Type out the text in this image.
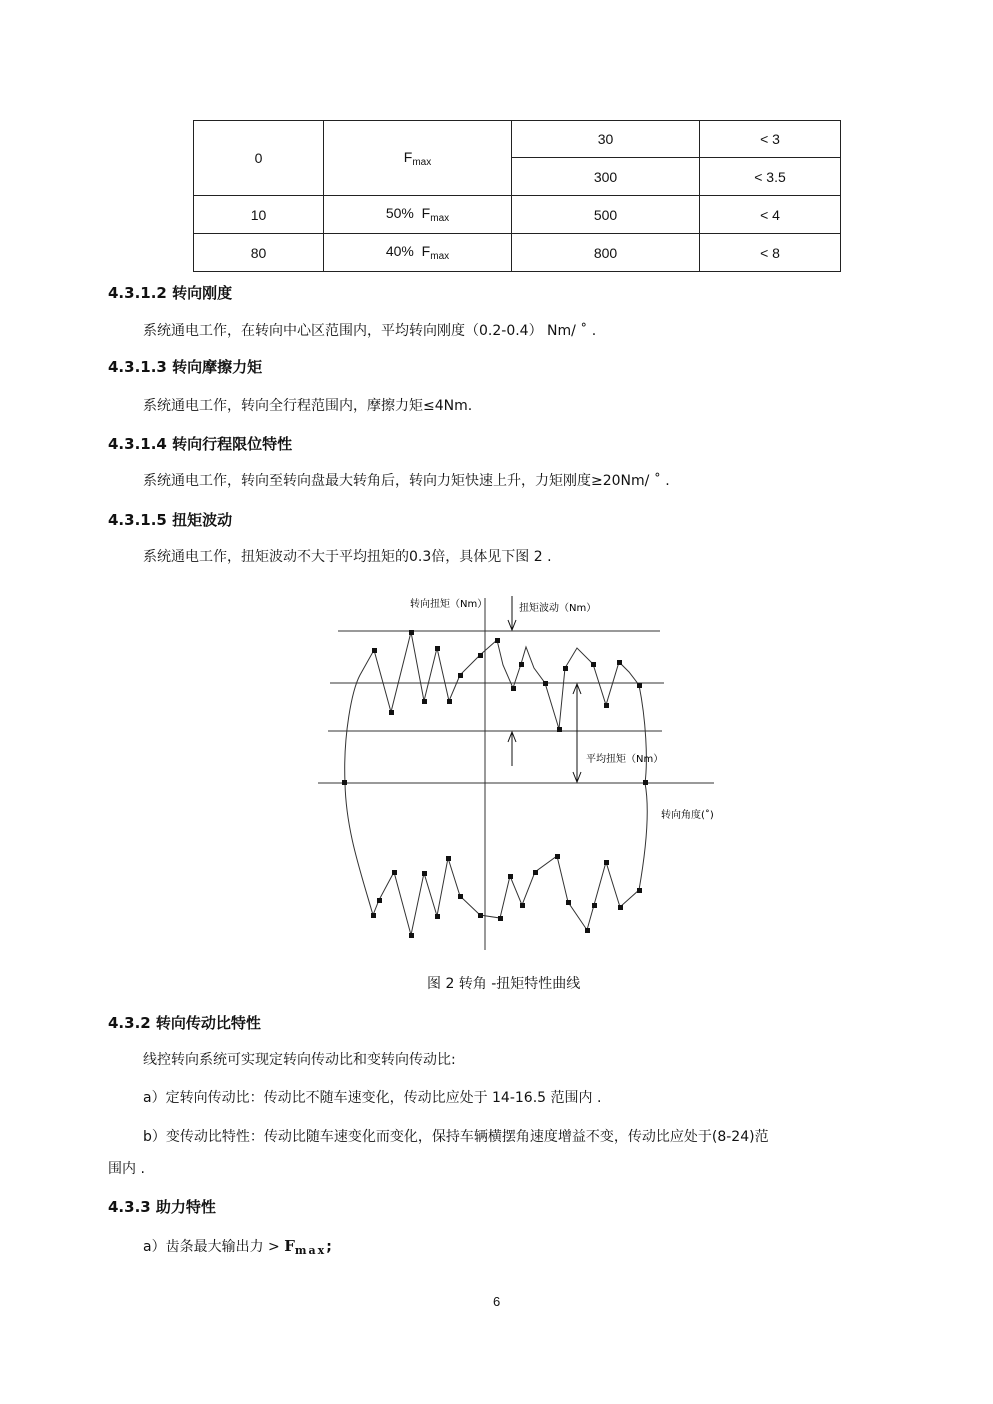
0	$F_{max}$	30	< 3
		300	< 3.5
10	50%  $F_{max}$	500	< 4
80	40%  $F_{max}$	800	< 8
4.3.1.2 转向刚度
系统通电工作，在转向中心区范围内，平均转向刚度（0.2-0.4） Nm/ ˚ .
4.3.1.3 转向摩擦力矩
系统通电工作，转向全行程范围内，摩擦力矩≤4Nm.
4.3.1.4 转向行程限位特性
系统通电工作，转向至转向盘最大转角后，转向力矩快速上升，力矩刚度≥20Nm/ ˚ .
4.3.1.5 扭矩波动
系统通电工作，扭矩波动不大于平均扭矩的0.3倍，具体见下图 2 .
转向扭矩（Nm）	扭矩波动（Nm）
平均扭矩（Nm）
转向角度(˚)
图 2 转角 -扭矩特性曲线
4.3.2 转向传动比特性
线控转向系统可实现定转向传动比和变转向传动比:
a）定转向传动比：传动比不随车速变化，传动比应处于 14-16.5 范围内 .
b）变传动比特性：传动比随车速变化而变化，保持车辆横摆角速度增益不变，传动比应处于(8-24)范
围内 .
4.3.3 助力特性
a）齿条最大输出力 > $F_{max}$;
6
